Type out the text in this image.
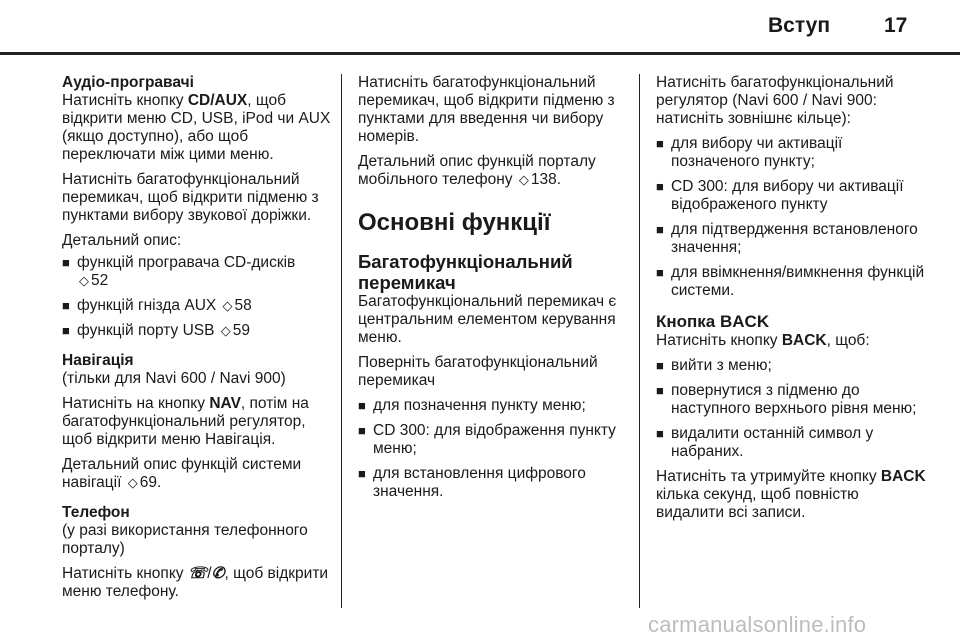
Вступ	17

Аудіо-програвачі

Натисніть кнопку CD/AUX, щоб відкрити меню CD, USB, iPod чи AUX (якщо доступно), або щоб переключати між цими меню.

Натисніть багатофункціональний перемикач, щоб відкрити підменю з пунктами вибору звукової доріжки.

Детальний опис:

■ функцій програвача CD-дисків
◇ 52
■ функцій гнізда AUX ◇ 58
■ функцій порту USB ◇ 59

Навігація

(тільки для Navi 600 / Navi 900)

Натисніть на кнопку NAV, потім на багатофункціональний регулятор, щоб відкрити меню Навігація.

Детальний опис функцій системи навігації ◇ 69.

Телефон

(у разі використання телефонного порталу)

Натисніть кнопку ☏/✆, щоб відкрити меню телефону.

Натисніть багатофункціональний перемикач, щоб відкрити підменю з пунктами для введення чи вибору номерів.

Детальний опис функцій порталу мобільного телефону ◇ 138.

Основні функції

Багатофункціональний перемикач

Багатофункціональний перемикач є центральним елементом керування меню.

Поверніть багатофункціональний перемикач

■ для позначення пункту меню;
■ CD 300: для відображення пункту меню;
■ для встановлення цифрового значення.

Натисніть багатофункціональний регулятор (Navi 600 / Navi 900: натисніть зовнішнє кільце):

■ для вибору чи активації позначеного пункту;
■ CD 300: для вибору чи активації відображеного пункту
■ для підтвердження встановленого значення;
■ для ввімкнення/вимкнення функцій системи.

Кнопка BACK

Натисніть кнопку BACK, щоб:

■ вийти з меню;
■ повернутися з підменю до наступного верхнього рівня меню;
■ видалити останній символ у набраних.

Натисніть та утримуйте кнопку BACK кілька секунд, щоб повністю видалити всі записи.

carmanualsonline.info
